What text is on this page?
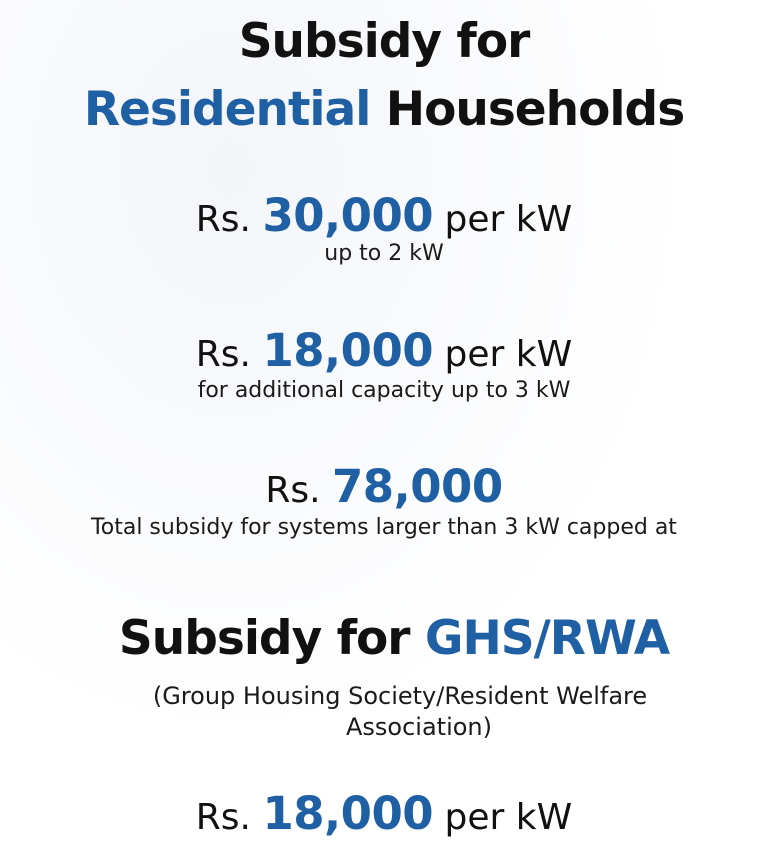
Subsidy for
Residential Households
Rs. 30,000 per kW
up to 2 kW
Rs. 18,000 per kW
for additional capacity up to 3 kW
Rs. 78,000
Total subsidy for systems larger than 3 kW capped at
Subsidy for GHS/RWA
(Group Housing Society/Resident Welfare
Association)
Rs. 18,000 per kW
